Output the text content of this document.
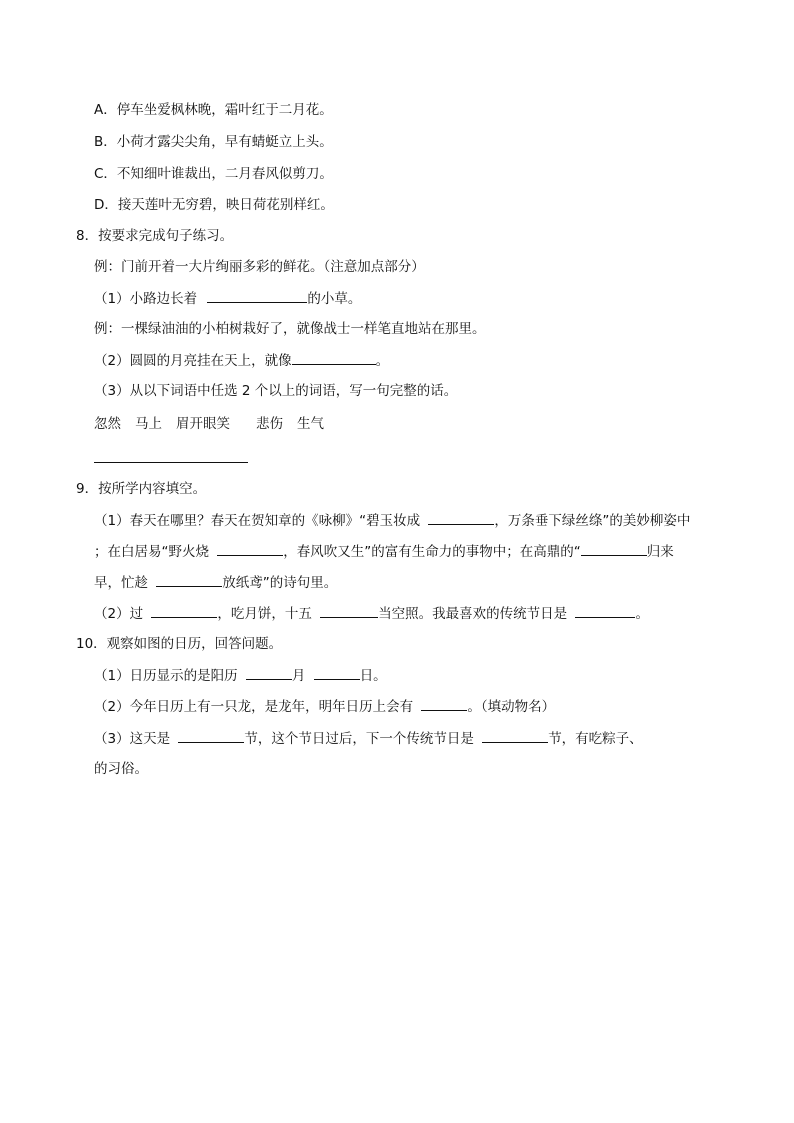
A．停车坐爱枫林晚，霜叶红于二月花。
B．小荷才露尖尖角，早有蜻蜓立上头。
C．不知细叶谁裁出，二月春风似剪刀。
D．接天莲叶无穷碧，映日荷花别样红。
8．按要求完成句子练习。
例：门前开着一大片绚丽多彩的鲜花。（注意加点部分）
（1）小路边长着	的小草。
例：一棵绿油油的小柏树栽好了，就像战士一样笔直地站在那里。
（2）圆圆的月亮挂在天上，就像	。
（3）从以下词语中任选 2 个以上的词语，写一句完整的话。
忽然 马上 眉开眼笑 悲伤 生气
9．按所学内容填空。
（1）春天在哪里？春天在贺知章的《咏柳》“碧玉妆成	，万条垂下绿丝绦”的美妙柳姿中
；在白居易“野火烧	，春风吹又生”的富有生命力的事物中；在高鼎的“	归来
早，忙趁	放纸鸢”的诗句里。
（2）过	，吃月饼，十五	当空照。我最喜欢的传统节日是	。
10．观察如图的日历，回答问题。
（1）日历显示的是阳历	月	日。
（2）今年日历上有一只龙，是龙年，明年日历上会有	。（填动物名）
（3）这天是	节，这个节日过后，下一个传统节日是	节，有吃粽子、
的习俗。
